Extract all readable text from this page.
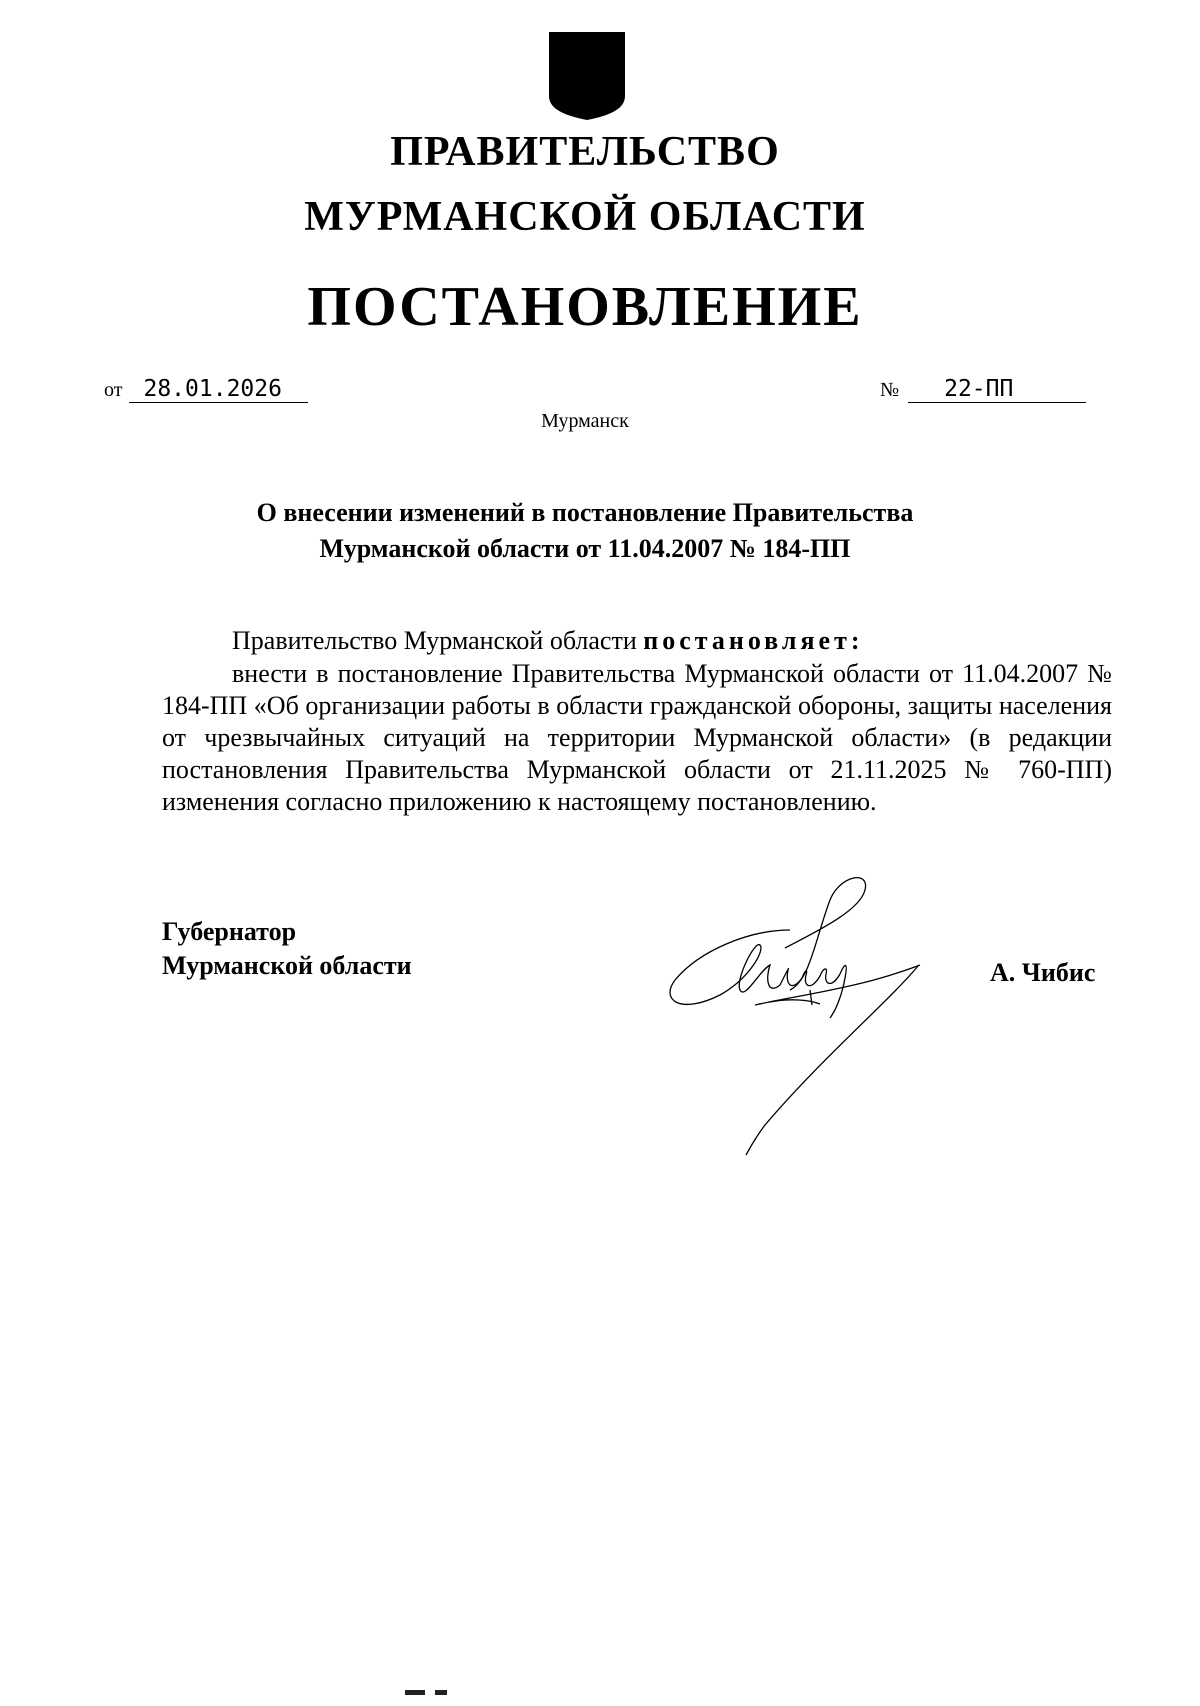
ПРАВИТЕЛЬСТВО
МУРМАНСКОЙ ОБЛАСТИ
ПОСТАНОВЛЕНИЕ
от 28.01.2026	№ 22-ПП
Мурманск
О внесении изменений в постановление Правительства
Мурманской области от 11.04.2007 № 184-ПП
Правительство Мурманской области постановляет:
внести в постановление Правительства Мурманской области от 11.04.2007 № 184-ПП «Об организации работы в области гражданской обороны, защиты населения от чрезвычайных ситуаций на территории Мурманской области» (в редакции постановления Правительства Мурманской области от 21.11.2025 № 760-ПП) изменения согласно приложению к настоящему постановлению.
Губернатор
Мурманской области	А. Чибис
